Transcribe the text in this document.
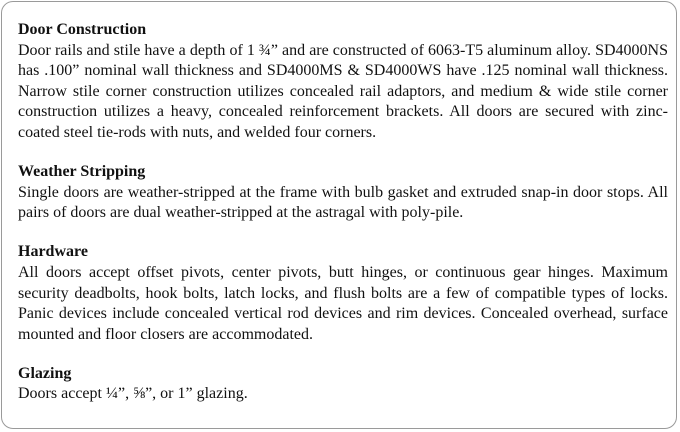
Door Construction

Door rails and stile have a depth of 1 ¾” and are constructed of 6063-T5 aluminum alloy. SD4000NS has .100” nominal wall thickness and SD4000MS & SD4000WS have .125 nominal wall thickness. Narrow stile corner construction utilizes concealed rail adaptors, and medium & wide stile corner construction utilizes a heavy, concealed reinforcement brackets. All doors are secured with zinc-coated steel tie-rods with nuts, and welded four corners.

Weather Stripping

Single doors are weather-stripped at the frame with bulb gasket and extruded snap-in door stops. All pairs of doors are dual weather-stripped at the astragal with poly-pile.

Hardware

All doors accept offset pivots, center pivots, butt hinges, or continuous gear hinges. Maximum security deadbolts, hook bolts, latch locks, and flush bolts are a few of compatible types of locks. Panic devices include concealed vertical rod devices and rim devices. Concealed overhead, surface mounted and floor closers are accommodated.

Glazing

Doors accept ¼”, ⅝”, or 1” glazing.
